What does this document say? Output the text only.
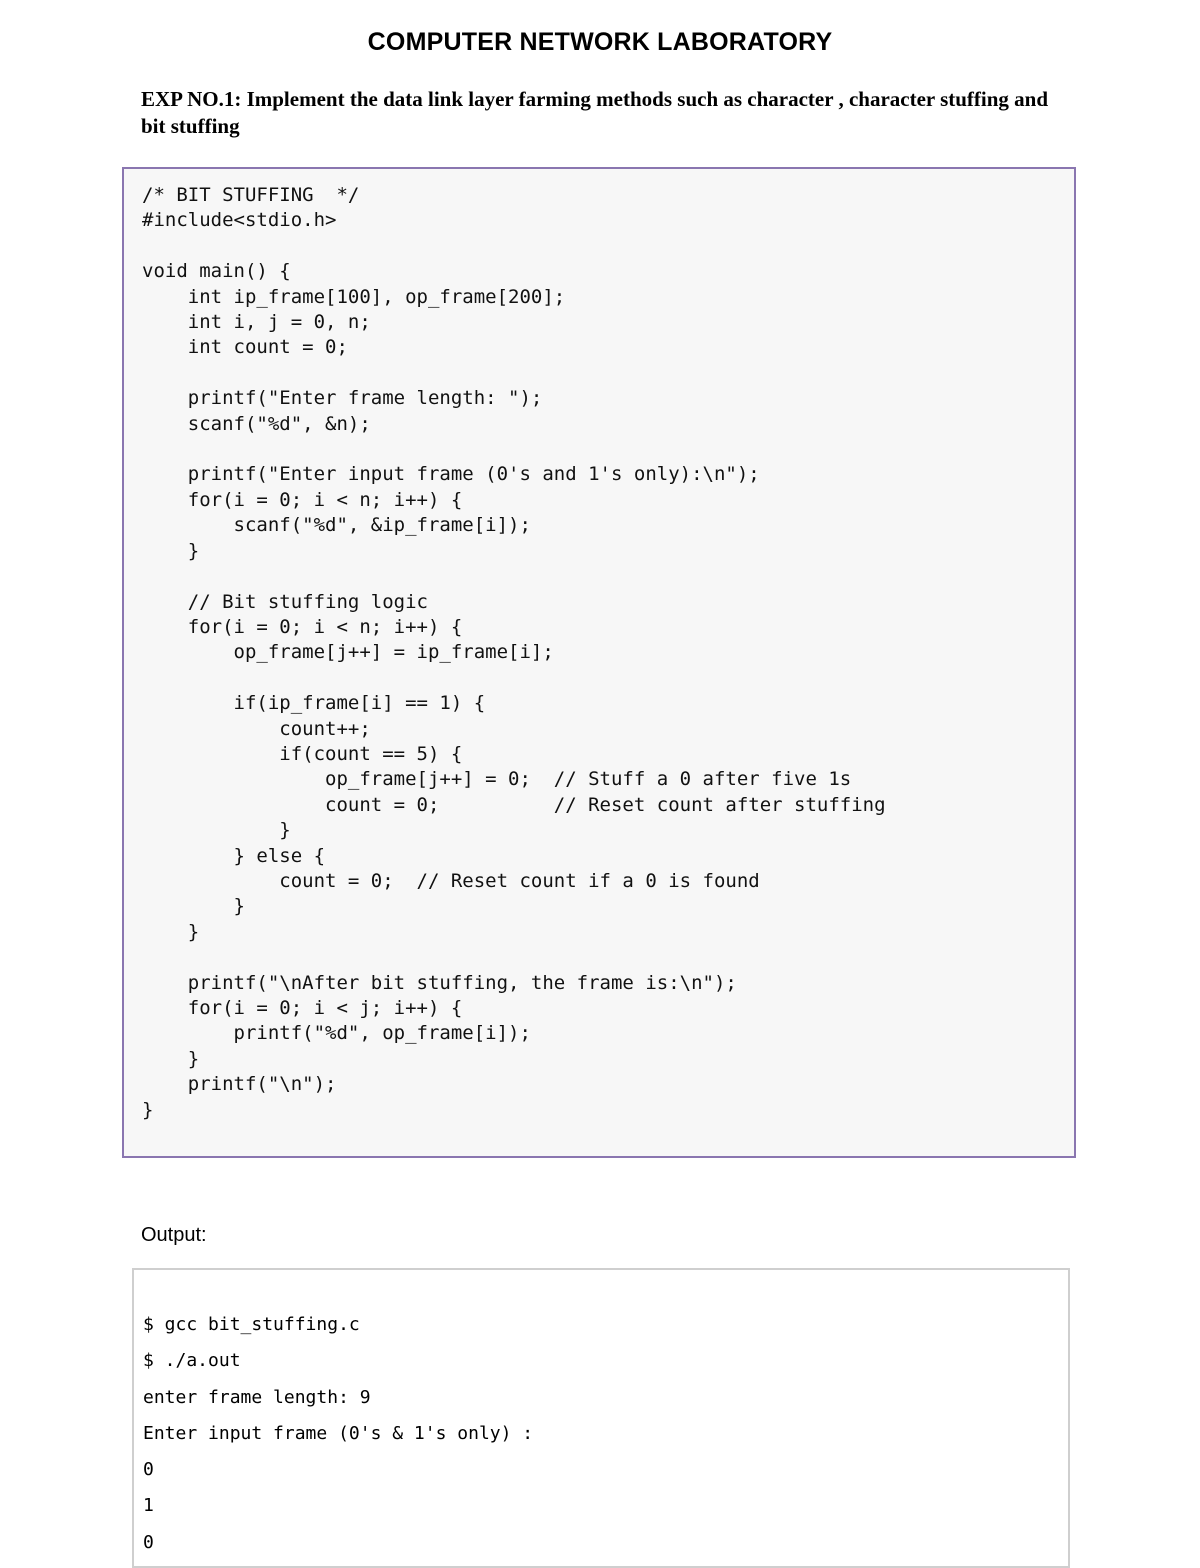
COMPUTER NETWORK LABORATORY
EXP NO.1: Implement the data link layer farming methods such as character , character stuffing and bit stuffing
/* BIT STUFFING  */
#include<stdio.h>

void main() {
int ip_frame[100], op_frame[200];
int i, j = 0, n;
int count = 0;

printf("Enter frame length: ");
scanf("%d", &n);

printf("Enter input frame (0's and 1's only):\n");
for(i = 0; i < n; i++) {
scanf("%d", &ip_frame[i]);
}

// Bit stuffing logic
for(i = 0; i < n; i++) {
op_frame[j++] = ip_frame[i];

if(ip_frame[i] == 1) {
count++;
if(count == 5) {
op_frame[j++] = 0;  // Stuff a 0 after five 1s
count = 0;          // Reset count after stuffing
}
} else {
count = 0;  // Reset count if a 0 is found
}
}

printf("\nAfter bit stuffing, the frame is:\n");
for(i = 0; i < j; i++) {
printf("%d", op_frame[i]);
}
printf("\n");
}
Output:
$ gcc bit_stuffing.c
$ ./a.out
enter frame length: 9
Enter input frame (0's & 1's only) :
0
1
0
